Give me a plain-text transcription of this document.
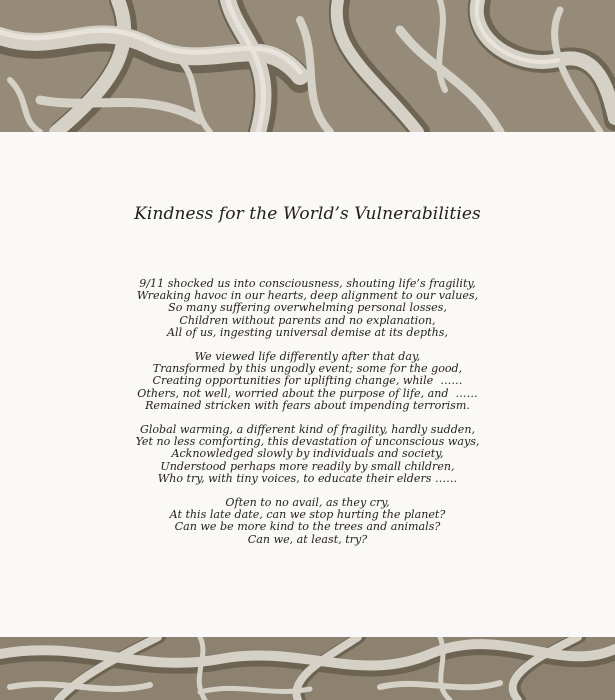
Kindness for the World’s Vulnerabilities
9/11 shocked us into consciousness, shouting life’s fragility,
Wreaking havoc in our hearts, deep alignment to our values,
So many suffering overwhelming personal losses,
Children without parents and no explanation,
All of us, ingesting universal demise at its depths,
We viewed life differently after that day,
Transformed by this ungodly event; some for the good,
Creating opportunities for uplifting change, while  ……
Others, not well, worried about the purpose of life, and  ……
Remained stricken with fears about impending terrorism.
Global warming, a different kind of fragility, hardly sudden,
Yet no less comforting, this devastation of unconscious ways,
Acknowledged slowly by individuals and society,
Understood perhaps more readily by small children,
Who try, with tiny voices, to educate their elders ……
Often to no avail, as they cry,
At this late date, can we stop hurting the planet?
Can we be more kind to the trees and animals?
Can we, at least, try?
